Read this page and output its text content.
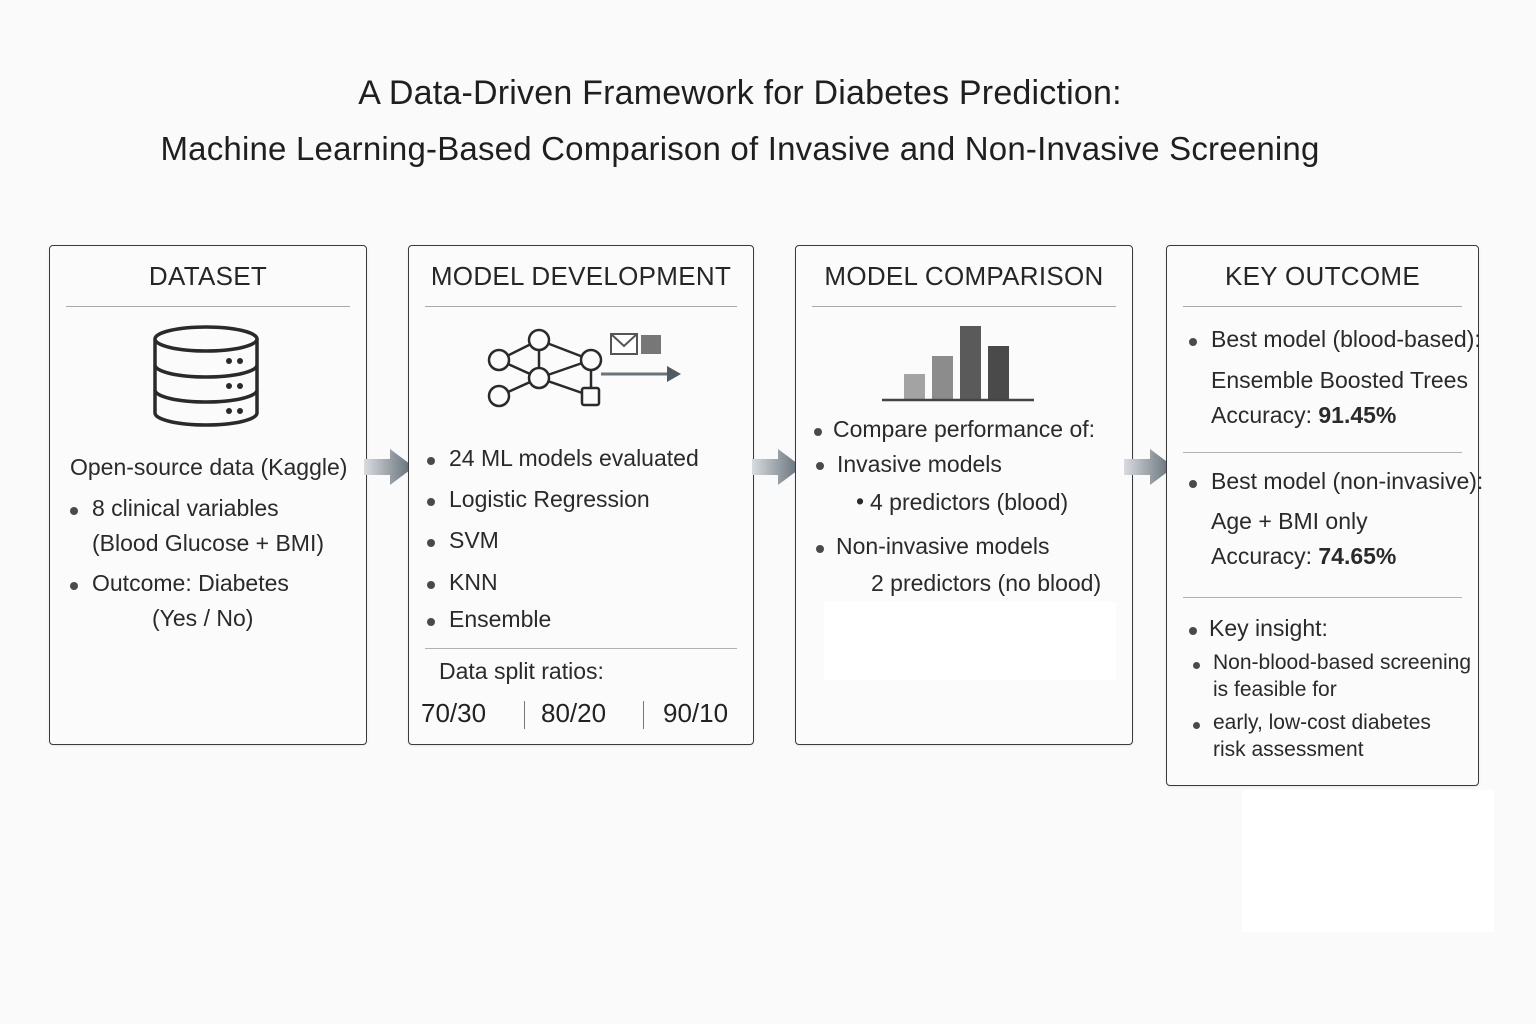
A Data-Driven Framework for Diabetes Prediction:
Machine Learning-Based Comparison of Invasive and Non-Invasive Screening
DATASET
Open-source data (Kaggle)
8 clinical variables
(Blood Glucose + BMI)
Outcome: Diabetes
(Yes / No)
MODEL DEVELOPMENT
24 ML models evaluated
Logistic Regression
SVM
KNN
Ensemble
Data split ratios:
70/30 80/20 90/10
MODEL COMPARISON
Compare performance of:
Invasive models
• 4 predictors (blood)
Non-invasive models
2 predictors (no blood)
KEY OUTCOME
Best model (blood-based):
Ensemble Boosted Trees
Accuracy: 91.45%
Best model (non-invasive):
Age + BMI only
Accuracy: 74.65%
Key insight:
Non-blood-based screening
is feasible for
early, low-cost diabetes
risk assessment
